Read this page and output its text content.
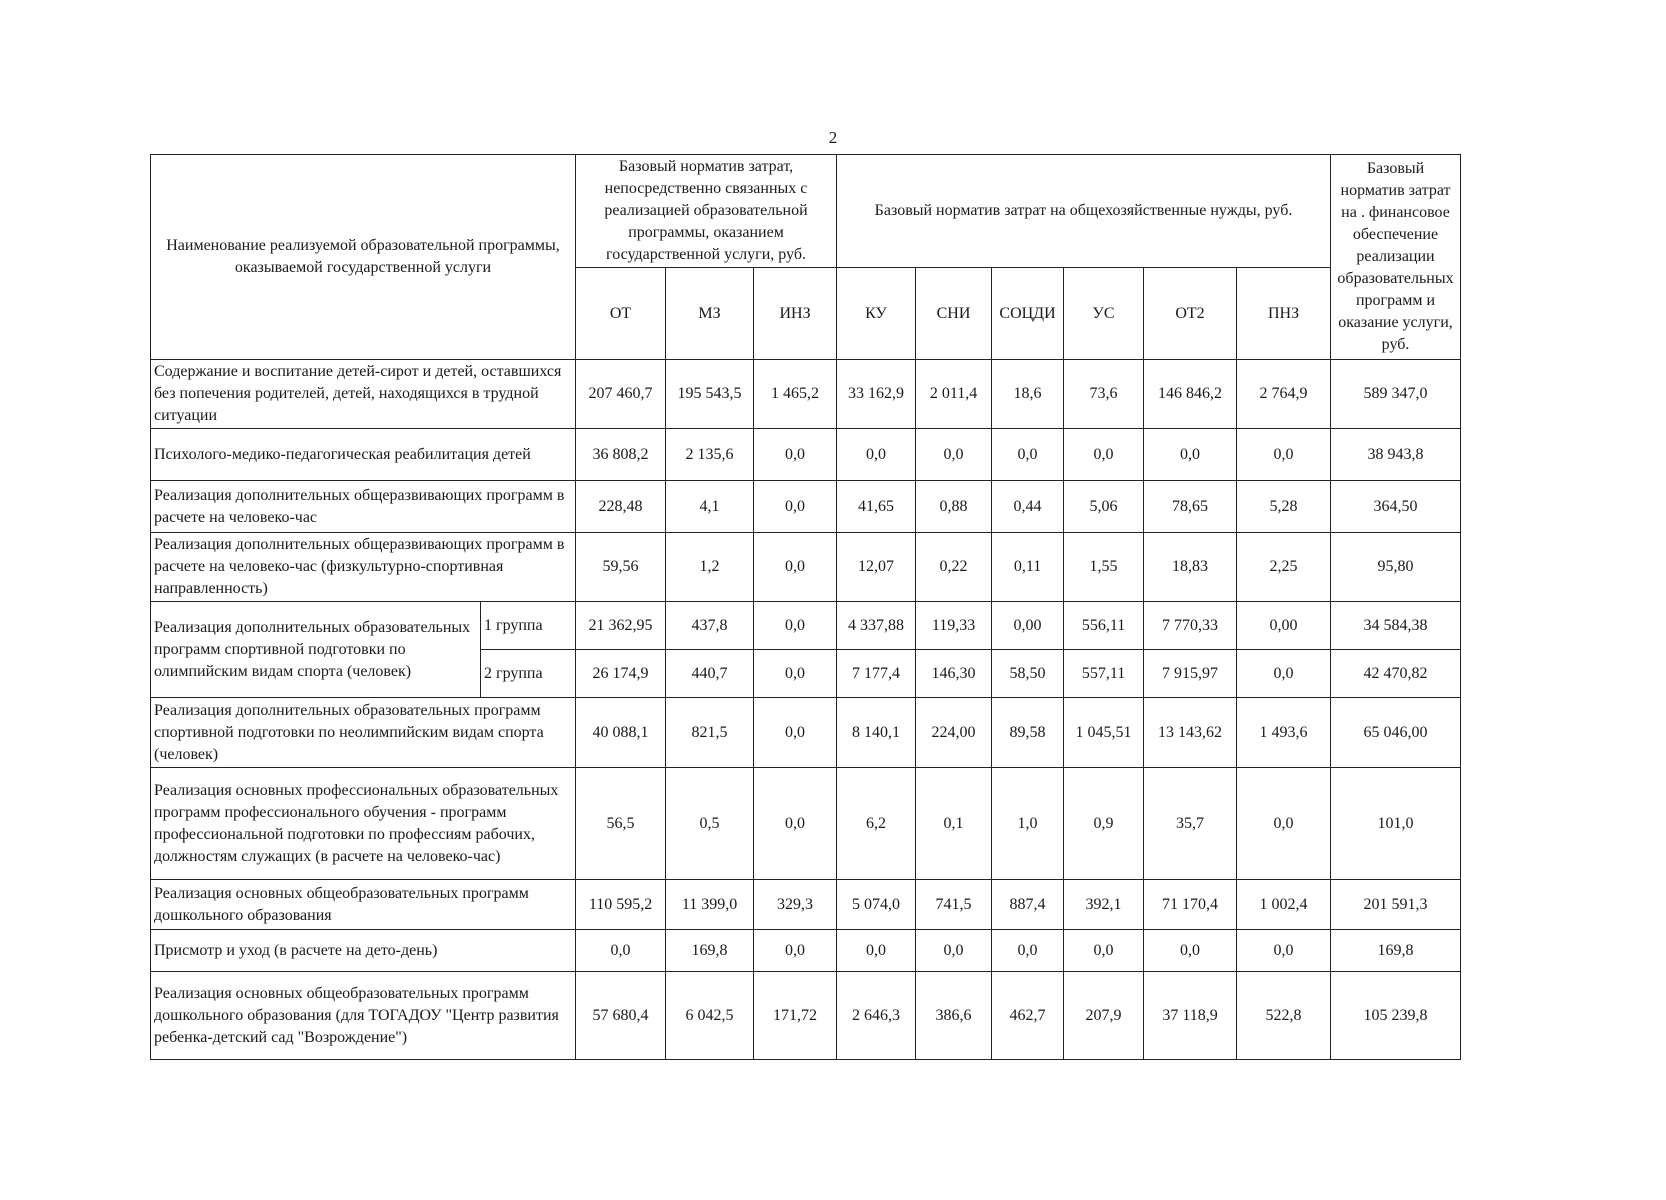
2
Наименование реализуемой образовательной программы, оказываемой государственной услуги		Базовый норматив затрат, непосредственно связанных с реализацией образовательной программы, оказанием государственной услуги, руб.			Базовый норматив затрат на общехозяйственные нужды, руб.						Базовый норматив затрат на . финансовое обеспечение реализации образовательных программ и оказание услуги, руб.
		ОТ	МЗ	ИНЗ	КУ	СНИ	СОЦДИ	УС	ОТ2	ПНЗ	
Содержание и воспитание детей-сирот и детей, оставшихся без попечения родителей, детей, находящихся в трудной ситуации		207 460,7	195 543,5	1 465,2	33 162,9	2 011,4	18,6	73,6	146 846,2	2 764,9	589 347,0
Психолого-медико-педагогическая реабилитация детей		36 808,2	2 135,6	0,0	0,0	0,0	0,0	0,0	0,0	0,0	38 943,8
Реализация дополнительных общеразвивающих программ в расчете на человеко-час		228,48	4,1	0,0	41,65	0,88	0,44	5,06	78,65	5,28	364,50
Реализация дополнительных общеразвивающих программ в расчете на человеко-час (физкультурно-спортивная направленность)		59,56	1,2	0,0	12,07	0,22	0,11	1,55	18,83	2,25	95,80
Реализация дополнительных образовательных программ спортивной подготовки по олимпийским видам спорта (человек)	1 группа	21 362,95	437,8	0,0	4 337,88	119,33	0,00	556,11	7 770,33	0,00	34 584,38
	2 группа	26 174,9	440,7	0,0	7 177,4	146,30	58,50	557,11	7 915,97	0,0	42 470,82
Реализация дополнительных образовательных программ спортивной подготовки по неолимпийским видам спорта (человек)		40 088,1	821,5	0,0	8 140,1	224,00	89,58	1 045,51	13 143,62	1 493,6	65 046,00
Реализация основных профессиональных образовательных программ профессионального обучения - программ профессиональной подготовки по профессиям рабочих, должностям служащих (в расчете на человеко-час)		56,5	0,5	0,0	6,2	0,1	1,0	0,9	35,7	0,0	101,0
Реализация основных общеобразовательных программ дошкольного образования		110 595,2	11 399,0	329,3	5 074,0	741,5	887,4	392,1	71 170,4	1 002,4	201 591,3
Присмотр и уход (в расчете на дето-день)		0,0	169,8	0,0	0,0	0,0	0,0	0,0	0,0	0,0	169,8
Реализация основных общеобразовательных программ дошкольного образования (для ТОГАДОУ "Центр развития ребенка-детский сад "Возрождение")		57 680,4	6 042,5	171,72	2 646,3	386,6	462,7	207,9	37 118,9	522,8	105 239,8
